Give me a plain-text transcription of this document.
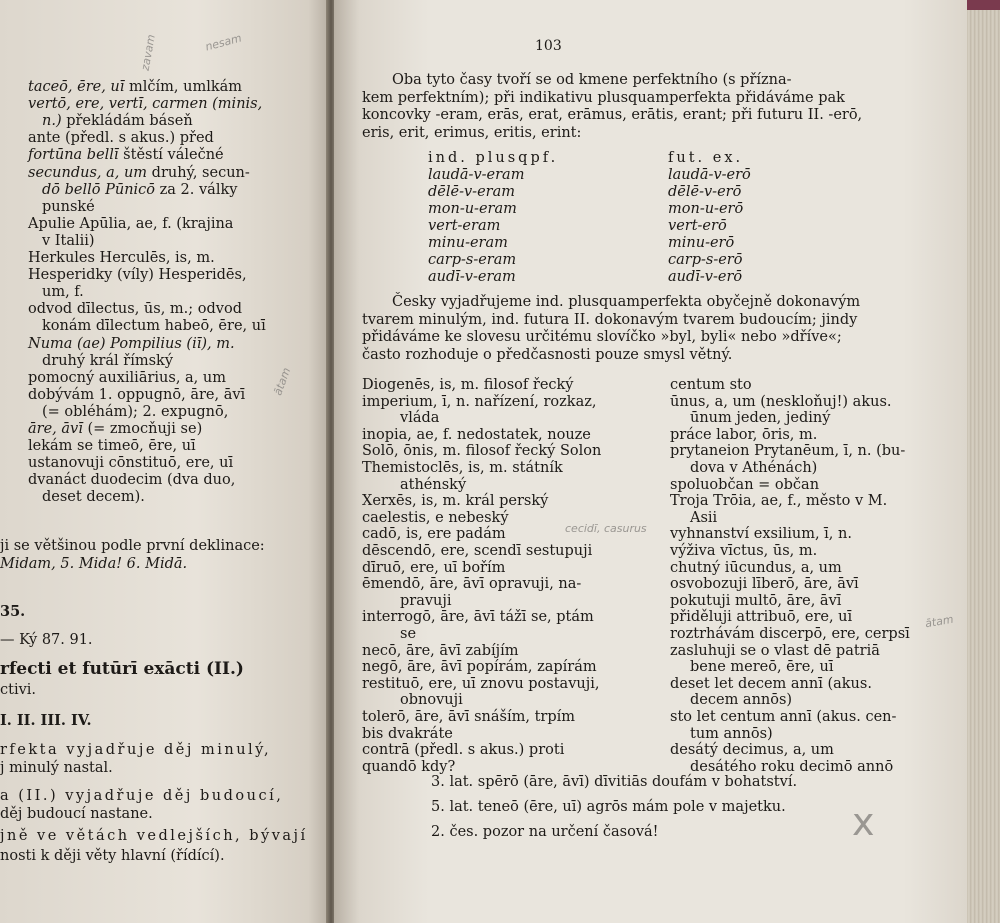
taceō, ēre, uī mlčím, umlkám
vertō, ere, vertī, carmen (minis,
n.) překládám báseň
ante (předl. s akus.) před
fortūna bellī štěstí válečné
secundus, a, um druhý, secun-
dō bellō Pūnicō za 2. války
punské
Apulie Apūlia, ae, f. (krajina
v Italii)
Herkules Herculēs, is, m.
Hesperidky (víly) Hesperidēs,
um, f.
odvod dīlectus, ūs, m.; odvod
konám dīlectum habeō, ēre, uī
Numa (ae) Pompilius (iī), m.
druhý král římský
pomocný auxiliārius, a, um
dobývám 1. oppugnō, āre, āvī
(= obléhám); 2. expugnō,
āre, āvī (= zmocňuji se)
lekám se timeō, ēre, uī
ustanovuji cōnstituō, ere, uī
dvanáct duodecim (dva duo,
deset decem).
ji se většinou podle první deklinace:
Midam, 5. Mida! 6. Midā.
35.
— Ký 87. 91.
rfecti et futūrī exācti (II.)
ctivi.
I. II. III. IV.
rfekta vyjadřuje děj minulý,
j minulý nastal.
a (II.) vyjadřuje děj budoucí,
děj budoucí nastane.
jně ve větách vedlejších, bývají
nosti k ději věty hlavní (řídící).
103
Oba tyto časy tvoří se od kmene perfektního (s přízna-
kem perfektním); při indikativu plusquamperfekta přidáváme pak
koncovky -eram, erās, erat, erāmus, erātis, erant; při futuru II. -erō,
eris, erit, erimus, eritis, erint:
ind. plusqpf.
laudā-v-eram
dēlē-v-eram
mon-u-eram
vert-eram
minu-eram
carp-s-eram
audī-v-eram
fut. ex.
laudā-v-erō
dēlē-v-erō
mon-u-erō
vert-erō
minu-erō
carp-s-erō
audī-v-erō
Česky vyjadřujeme ind. plusquamperfekta obyčejně dokonavým
tvarem minulým, ind. futura II. dokonavým tvarem budoucím; jindy
přidáváme ke slovesu určitému slovíčko »byl, byli« nebo »dříve«;
často rozhoduje o předčasnosti pouze smysl větný.
Diogenēs, is, m. filosof řecký
imperium, ī, n. nařízení, rozkaz,
vláda
inopia, ae, f. nedostatek, nouze
Solō, ōnis, m. filosof řecký Solon
Themistoclēs, is, m. státník
athénský
Xerxēs, is, m. král perský
caelestis, e nebeský
cadō, is, ere padám
dēscendō, ere, scendī sestupuji
dīruō, ere, uī bořím
ēmendō, āre, āvī opravuji, na-
pravuji
interrogō, āre, āvī tážī se, ptám
se
necō, āre, āvī zabíjím
negō, āre, āvī popírám, zapírám
restituō, ere, uī znovu postavuji,
obnovuji
tolerō, āre, āvī snáším, trpím
bis dvakráte
contrā (předl. s akus.) proti
quandō kdy?
centum sto
ūnus, a, um (neskloňuj!) akus.
ūnum jeden, jediný
práce labor, ōris, m.
prytaneion Prytanēum, ī, n. (bu-
dova v Athénách)
spoluobčan = občan
Troja Trōia, ae, f., město v M.
Asii
vyhnanství exsilium, ī, n.
výživa vīctus, ūs, m.
chutný iūcundus, a, um
osvobozuji līberō, āre, āvī
pokutuji multō, āre, āvī
přiděluji attribuō, ere, uī
roztrhávám discerpō, ere, cerpsī
zasluhuji se o vlast dē patriā
bene mereō, ēre, uī
deset let decem annī (akus.
decem annōs)
sto let centum annī (akus. cen-
tum annōs)
desátý decimus, a, um
desátého roku decimō annō
3. lat. spērō (āre, āvī) dīvitiās doufám v bohatství.
5. lat. teneō (ēre, uī) agrōs mám pole v majetku.
2. čes. pozor na určení časová!
zavam	nesam
ātam
cecidī, casurus
ātam
x
